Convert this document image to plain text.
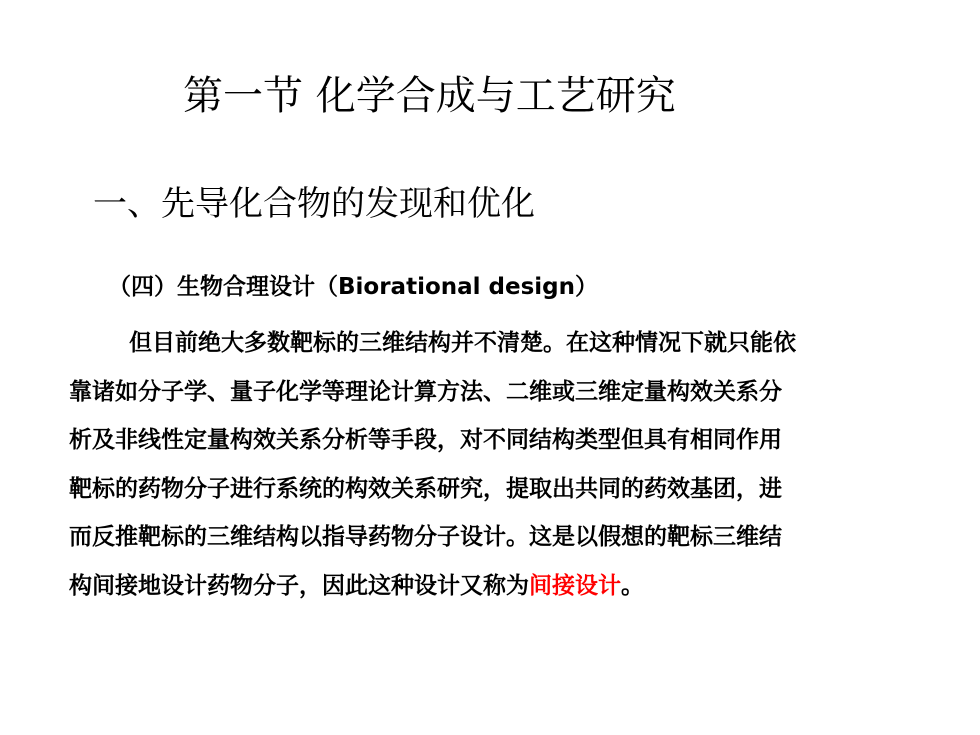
第一节 化学合成与工艺研究
一、先导化合物的发现和优化
（四）生物合理设计（Biorational design）
但目前绝大多数靶标的三维结构并不清楚。在这种情况下就只能依
靠诸如分子学、量子化学等理论计算方法、二维或三维定量构效关系分
析及非线性定量构效关系分析等手段，对不同结构类型但具有相同作用
靶标的药物分子进行系统的构效关系研究，提取出共同的药效基团，进
而反推靶标的三维结构以指导药物分子设计。这是以假想的靶标三维结
构间接地设计药物分子，因此这种设计又称为间接设计。
